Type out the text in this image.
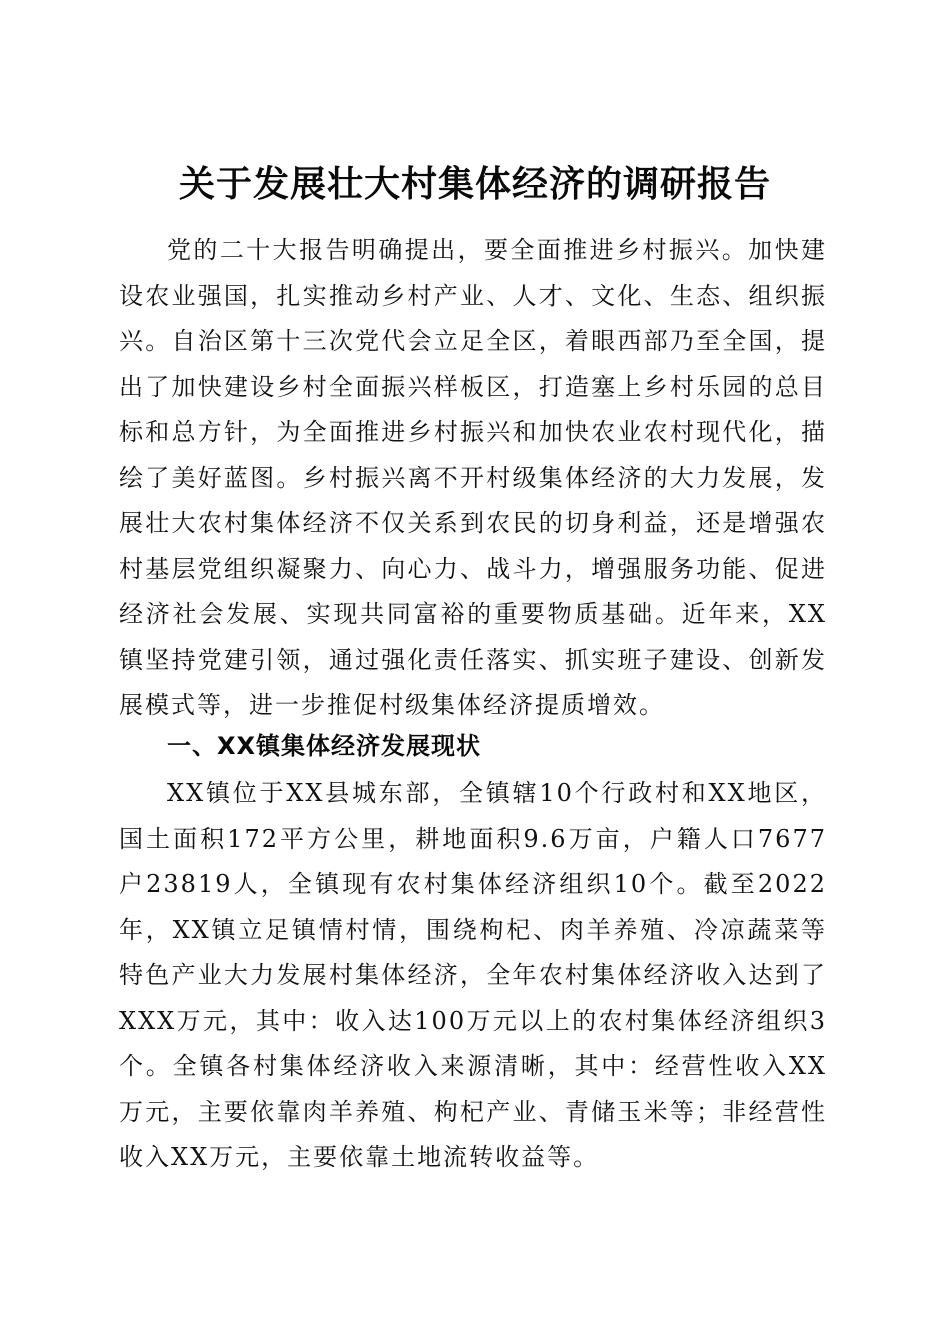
关于发展壮大村集体经济的调研报告

党的二十大报告明确提出，要全面推进乡村振兴。加快建设农业强国，扎实推动乡村产业、人才、文化、生态、组织振兴。自治区第十三次党代会立足全区，着眼西部乃至全国，提出了加快建设乡村全面振兴样板区，打造塞上乡村乐园的总目标和总方针，为全面推进乡村振兴和加快农业农村现代化，描绘了美好蓝图。乡村振兴离不开村级集体经济的大力发展，发展壮大农村集体经济不仅关系到农民的切身利益，还是增强农村基层党组织凝聚力、向心力、战斗力，增强服务功能、促进经济社会发展、实现共同富裕的重要物质基础。近年来，XX镇坚持党建引领，通过强化责任落实、抓实班子建设、创新发展模式等，进一步推促村级集体经济提质增效。

一、XX镇集体经济发展现状

XX镇位于XX县城东部，全镇辖10个行政村和XX地区，国土面积172平方公里，耕地面积9.6万亩，户籍人口7677户23819人，全镇现有农村集体经济组织10个。截至2022年，XX镇立足镇情村情，围绕枸杞、肉羊养殖、冷凉蔬菜等特色产业大力发展村集体经济，全年农村集体经济收入达到了XXX万元，其中：收入达100万元以上的农村集体经济组织3个。全镇各村集体经济收入来源清晰，其中：经营性收入XX万元，主要依靠肉羊养殖、枸杞产业、青储玉米等；非经营性收入XX万元，主要依靠土地流转收益等。
